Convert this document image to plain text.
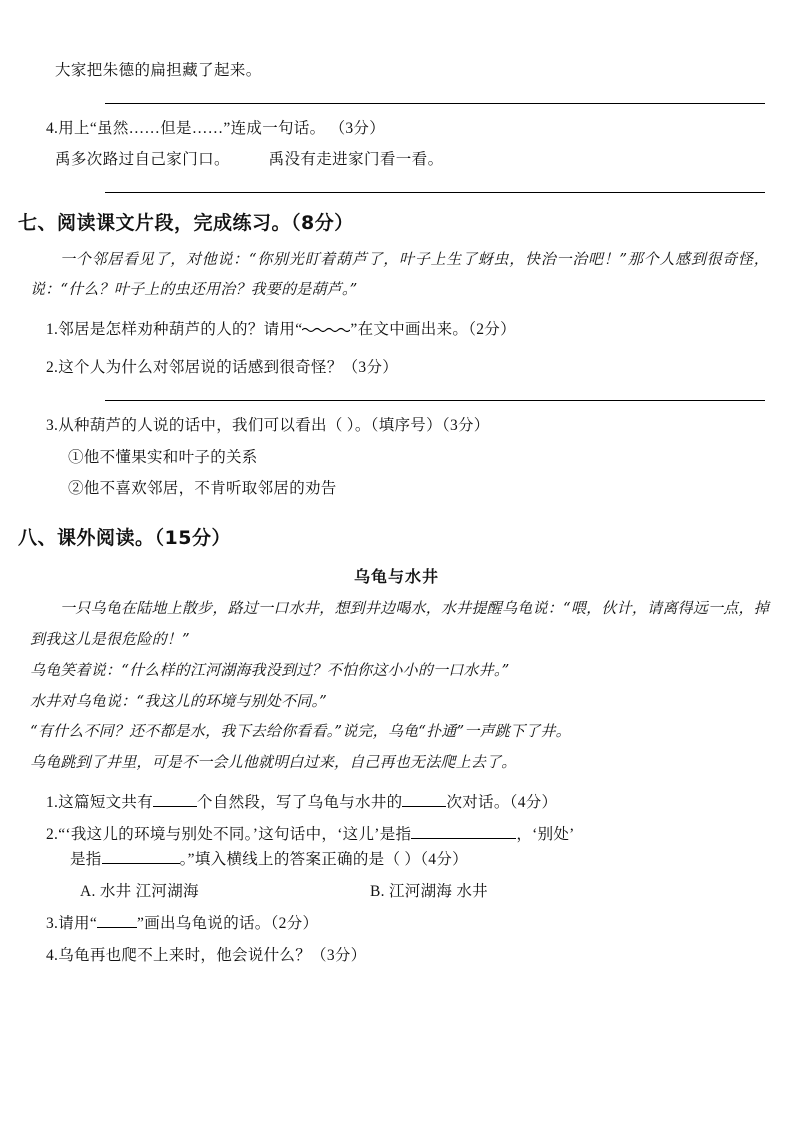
大家把朱德的扁担藏了起来。

4.用上“虽然……但是……”连成一句话。 （3分）

禹多次路过自己家门口。 禹没有走进家门看一看。

七、阅读课文片段，完成练习。（8分）

一个邻居看见了，对他说：“你别光盯着葫芦了，叶子上生了蚜虫，快治一治吧！”那个人感到很奇怪，说：“什么？叶子上的虫还用治？我要的是葫芦。”

1.邻居是怎样劝种葫芦的人的？请用“	”在文中画出来。（2分）

2.这个人为什么对邻居说的话感到很奇怪？（3分）

3.从种葫芦的人说的话中，我们可以看出（ ）。（填序号）（3分）

①他不懂果实和叶子的关系

②他不喜欢邻居，不肯听取邻居的劝告

八、课外阅读。（15分）

乌龟与水井

一只乌龟在陆地上散步，路过一口水井，想到井边喝水，水井提醒乌龟说：“喂，伙计，请离得远一点，掉到我这儿是很危险的！”

乌龟笑着说：“什么样的江河湖海我没到过？不怕你这小小的一口水井。”

水井对乌龟说：“我这儿的环境与别处不同。”

“有什么不同？还不都是水，我下去给你看看。”说完，乌龟“扑通”一声跳下了井。

乌龟跳到了井里，可是不一会儿他就明白过来，自己再也无法爬上去了。

1.这篇短文共有	个自然段，写了乌龟与水井的	次对话。（4分）

2.“‘我这儿的环境与别处不同。’这句话中，‘这儿’是指	，‘别处’

是指	。”填入横线上的答案正确的是（ ）（4分）

A. 水井 江河湖海	B. 江河湖海 水井

3.请用“	”画出乌龟说的话。（2分）

4.乌龟再也爬不上来时，他会说什么？（3分）
